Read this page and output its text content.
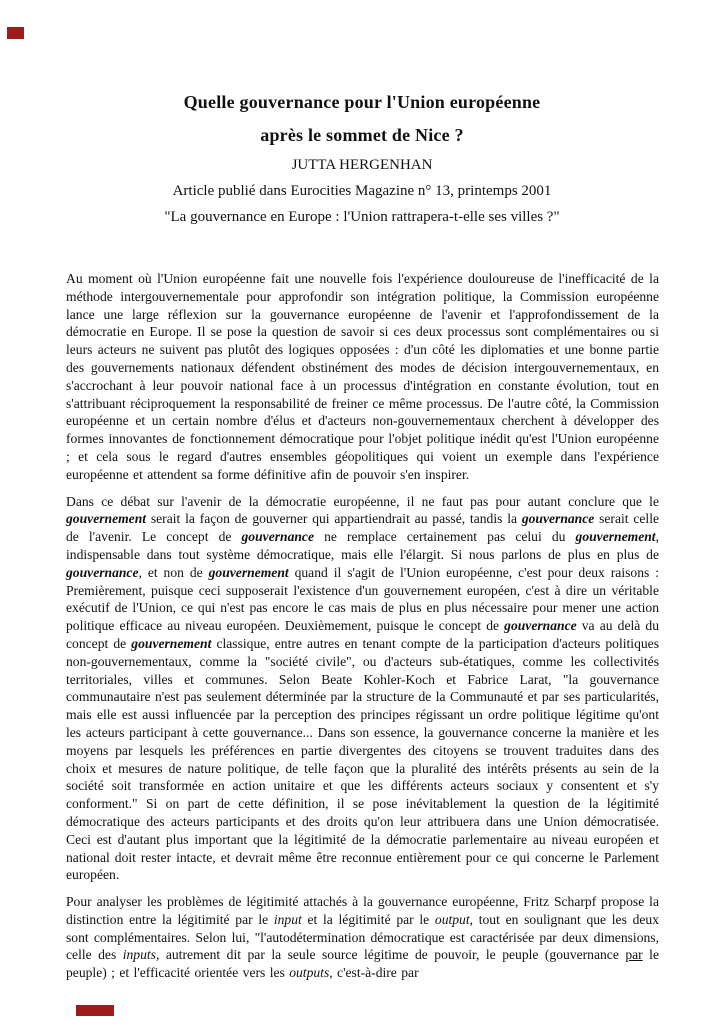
Quelle gouvernance pour l'Union européenne
après le sommet de Nice ?
JUTTA HERGENHAN
Article publié dans Eurocities Magazine n° 13, printemps 2001
"La gouvernance en Europe : l'Union rattrapera-t-elle ses villes ?"

Au moment où l'Union européenne fait une nouvelle fois l'expérience douloureuse de l'inefficacité de la méthode intergouvernementale pour approfondir son intégration politique, la Commission européenne lance une large réflexion sur la gouvernance européenne de l'avenir et l'approfondissement de la démocratie en Europe. Il se pose la question de savoir si ces deux processus sont complémentaires ou si leurs acteurs ne suivent pas plutôt des logiques opposées : d'un côté les diplomaties et une bonne partie des gouvernements nationaux défendent obstinément des modes de décision intergouvernementaux, en s'accrochant à leur pouvoir national face à un processus d'intégration en constante évolution, tout en s'attribuant réciproquement la responsabilité de freiner ce même processus. De l'autre côté, la Commission européenne et un certain nombre d'élus et d'acteurs non-gouvernementaux cherchent à développer des formes innovantes de fonctionnement démocratique pour l'objet politique inédit qu'est l'Union européenne ; et cela sous le regard d'autres ensembles géopolitiques qui voient un exemple dans l'expérience européenne et attendent sa forme définitive afin de pouvoir s'en inspirer.

Dans ce débat sur l'avenir de la démocratie européenne, il ne faut pas pour autant conclure que le gouvernement serait la façon de gouverner qui appartiendrait au passé, tandis la gouvernance serait celle de l'avenir. Le concept de gouvernance ne remplace certainement pas celui du gouvernement, indispensable dans tout système démocratique, mais elle l'élargit. Si nous parlons de plus en plus de gouvernance, et non de gouvernement quand il s'agit de l'Union européenne, c'est pour deux raisons : Premièrement, puisque ceci supposerait l'existence d'un gouvernement européen, c'est à dire un véritable exécutif de l'Union, ce qui n'est pas encore le cas mais de plus en plus nécessaire pour mener une action politique efficace au niveau européen. Deuxièmement, puisque le concept de gouvernance va au delà du concept de gouvernement classique, entre autres en tenant compte de la participation d'acteurs politiques non-gouvernementaux, comme la "société civile", ou d'acteurs sub-étatiques, comme les collectivités territoriales, villes et communes. Selon Beate Kohler-Koch et Fabrice Larat, "la gouvernance communautaire n'est pas seulement déterminée par la structure de la Communauté et par ses particularités, mais elle est aussi influencée par la perception des principes régissant un ordre politique légitime qu'ont les acteurs participant à cette gouvernance... Dans son essence, la gouvernance concerne la manière et les moyens par lesquels les préférences en partie divergentes des citoyens se trouvent traduites dans des choix et mesures de nature politique, de telle façon que la pluralité des intérêts présents au sein de la société soit transformée en action unitaire et que les différents acteurs sociaux y consentent et s'y conforment." Si on part de cette définition, il se pose inévitablement la question de la légitimité démocratique des acteurs participants et des droits qu'on leur attribuera dans une Union démocratisée. Ceci est d'autant plus important que la légitimité de la démocratie parlementaire au niveau européen et national doit rester intacte, et devrait même être reconnue entièrement pour ce qui concerne le Parlement européen.

Pour analyser les problèmes de légitimité attachés à la gouvernance européenne, Fritz Scharpf propose la distinction entre la légitimité par le input et la légitimité par le output, tout en soulignant que les deux sont complémentaires. Selon lui, "l'autodétermination démocratique est caractérisée par deux dimensions, celle des inputs, autrement dit par la seule source légitime de pouvoir, le peuple (gouvernance par le peuple) ; et l'efficacité orientée vers les outputs, c'est-à-dire par
